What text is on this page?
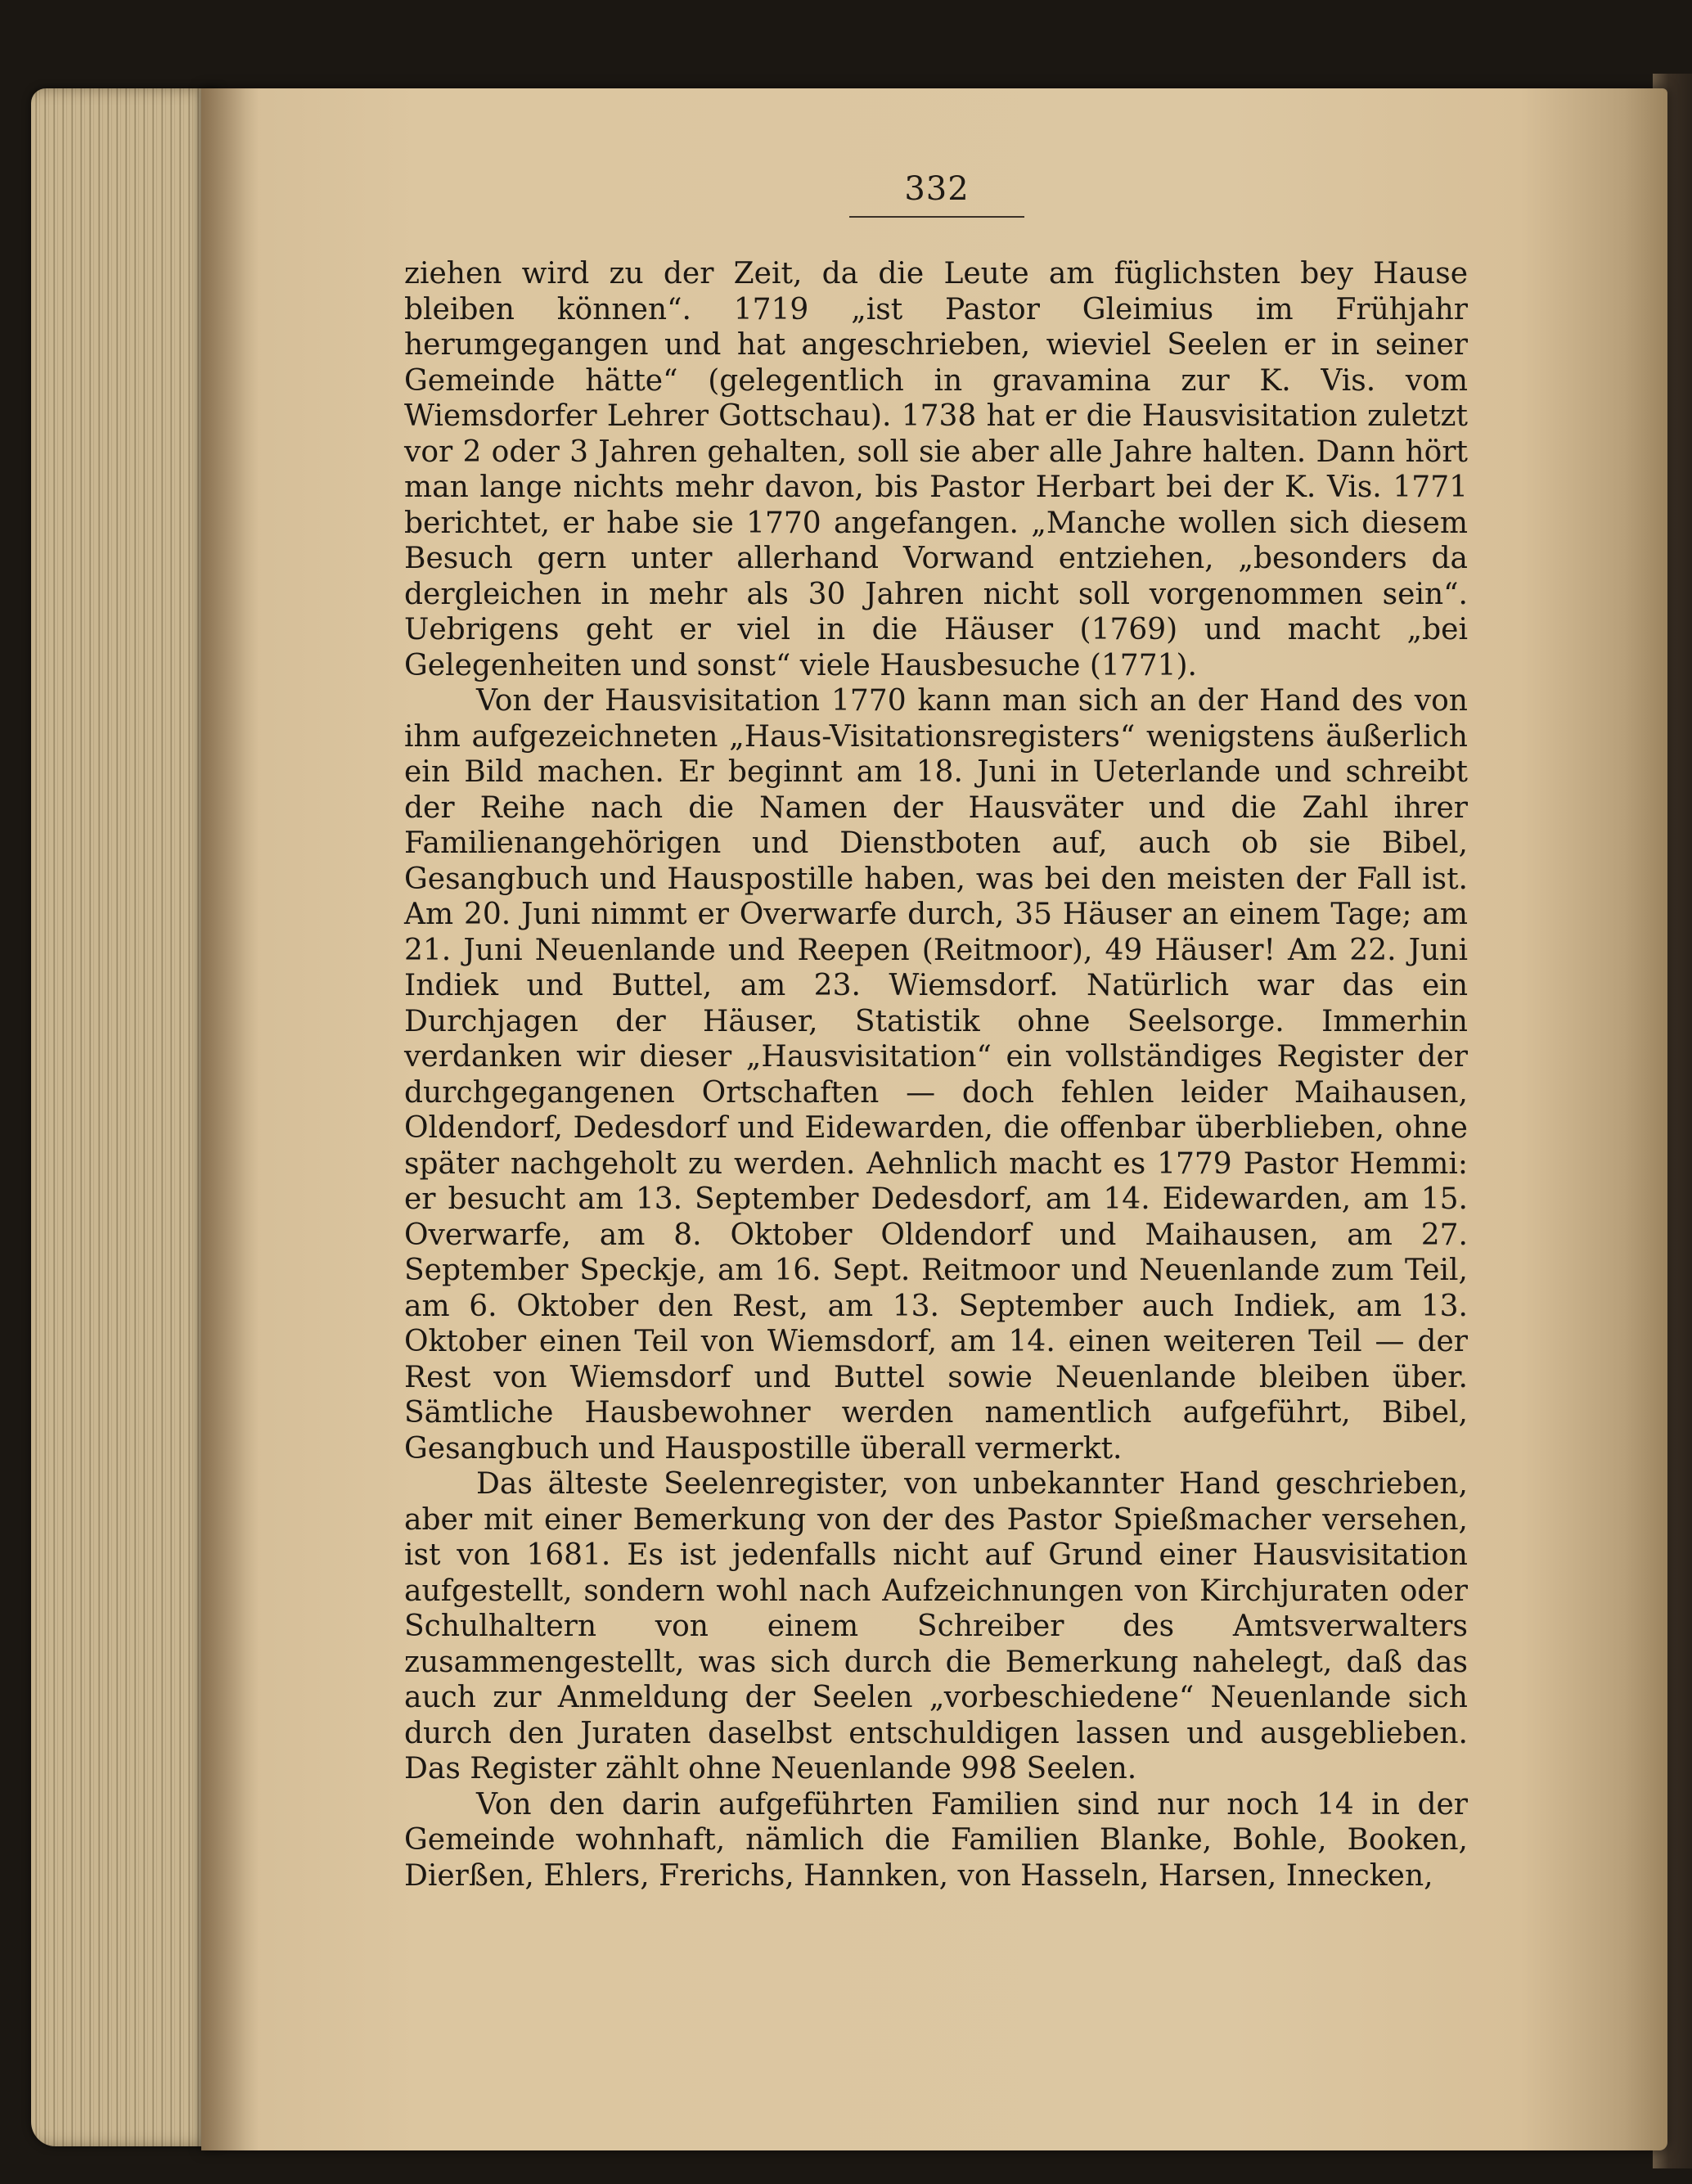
332

ziehen wird zu der Zeit, da die Leute am füglichsten bey Hause bleiben können“. 1719 „ist Pastor Gleimius im Frühjahr herumgegangen und hat angeschrieben, wieviel Seelen er in seiner Gemeinde hätte“ (gelegentlich in gravamina zur K. Vis. vom Wiemsdorfer Lehrer Gottschau). 1738 hat er die Hausvisitation zuletzt vor 2 oder 3 Jahren gehalten, soll sie aber alle Jahre halten. Dann hört man lange nichts mehr davon, bis Pastor Herbart bei der K. Vis. 1771 berichtet, er habe sie 1770 angefangen. „Manche wollen sich diesem Besuch gern unter allerhand Vorwand entziehen, „besonders da dergleichen in mehr als 30 Jahren nicht soll vorgenommen sein“. Uebrigens geht er viel in die Häuser (1769) und macht „bei Gelegenheiten und sonst“ viele Hausbesuche (1771).

Von der Hausvisitation 1770 kann man sich an der Hand des von ihm aufgezeichneten „Haus-Visitationsregisters“ wenigstens äußerlich ein Bild machen. Er beginnt am 18. Juni in Ueterlande und schreibt der Reihe nach die Namen der Hausväter und die Zahl ihrer Familienangehörigen und Dienstboten auf, auch ob sie Bibel, Gesangbuch und Hauspostille haben, was bei den meisten der Fall ist. Am 20. Juni nimmt er Overwarfe durch, 35 Häuser an einem Tage; am 21. Juni Neuenlande und Reepen (Reitmoor), 49 Häuser! Am 22. Juni Indiek und Buttel, am 23. Wiemsdorf. Natürlich war das ein Durchjagen der Häuser, Statistik ohne Seelsorge. Immerhin verdanken wir dieser „Hausvisitation“ ein vollständiges Register der durchgegangenen Ortschaften — doch fehlen leider Maihausen, Oldendorf, Dedesdorf und Eidewarden, die offenbar überblieben, ohne später nachgeholt zu werden. Aehnlich macht es 1779 Pastor Hemmi: er besucht am 13. September Dedesdorf, am 14. Eidewarden, am 15. Overwarfe, am 8. Oktober Oldendorf und Maihausen, am 27. September Speckje, am 16. Sept. Reitmoor und Neuenlande zum Teil, am 6. Oktober den Rest, am 13. September auch Indiek, am 13. Oktober einen Teil von Wiemsdorf, am 14. einen weiteren Teil — der Rest von Wiemsdorf und Buttel sowie Neuenlande bleiben über. Sämtliche Hausbewohner werden namentlich aufgeführt, Bibel, Gesangbuch und Hauspostille überall vermerkt.

Das älteste Seelenregister, von unbekannter Hand geschrieben, aber mit einer Bemerkung von der des Pastor Spießmacher versehen, ist von 1681. Es ist jedenfalls nicht auf Grund einer Hausvisitation aufgestellt, sondern wohl nach Aufzeichnungen von Kirchjuraten oder Schulhaltern von einem Schreiber des Amtsverwalters zusammengestellt, was sich durch die Bemerkung nahelegt, daß das auch zur Anmeldung der Seelen „vorbeschiedene“ Neuenlande sich durch den Juraten daselbst entschuldigen lassen und ausgeblieben. Das Register zählt ohne Neuenlande 998 Seelen.

Von den darin aufgeführten Familien sind nur noch 14 in der Gemeinde wohnhaft, nämlich die Familien Blanke, Bohle, Booken, Dierßen, Ehlers, Frerichs, Hannken, von Hasseln, Harsen, Innecken,
